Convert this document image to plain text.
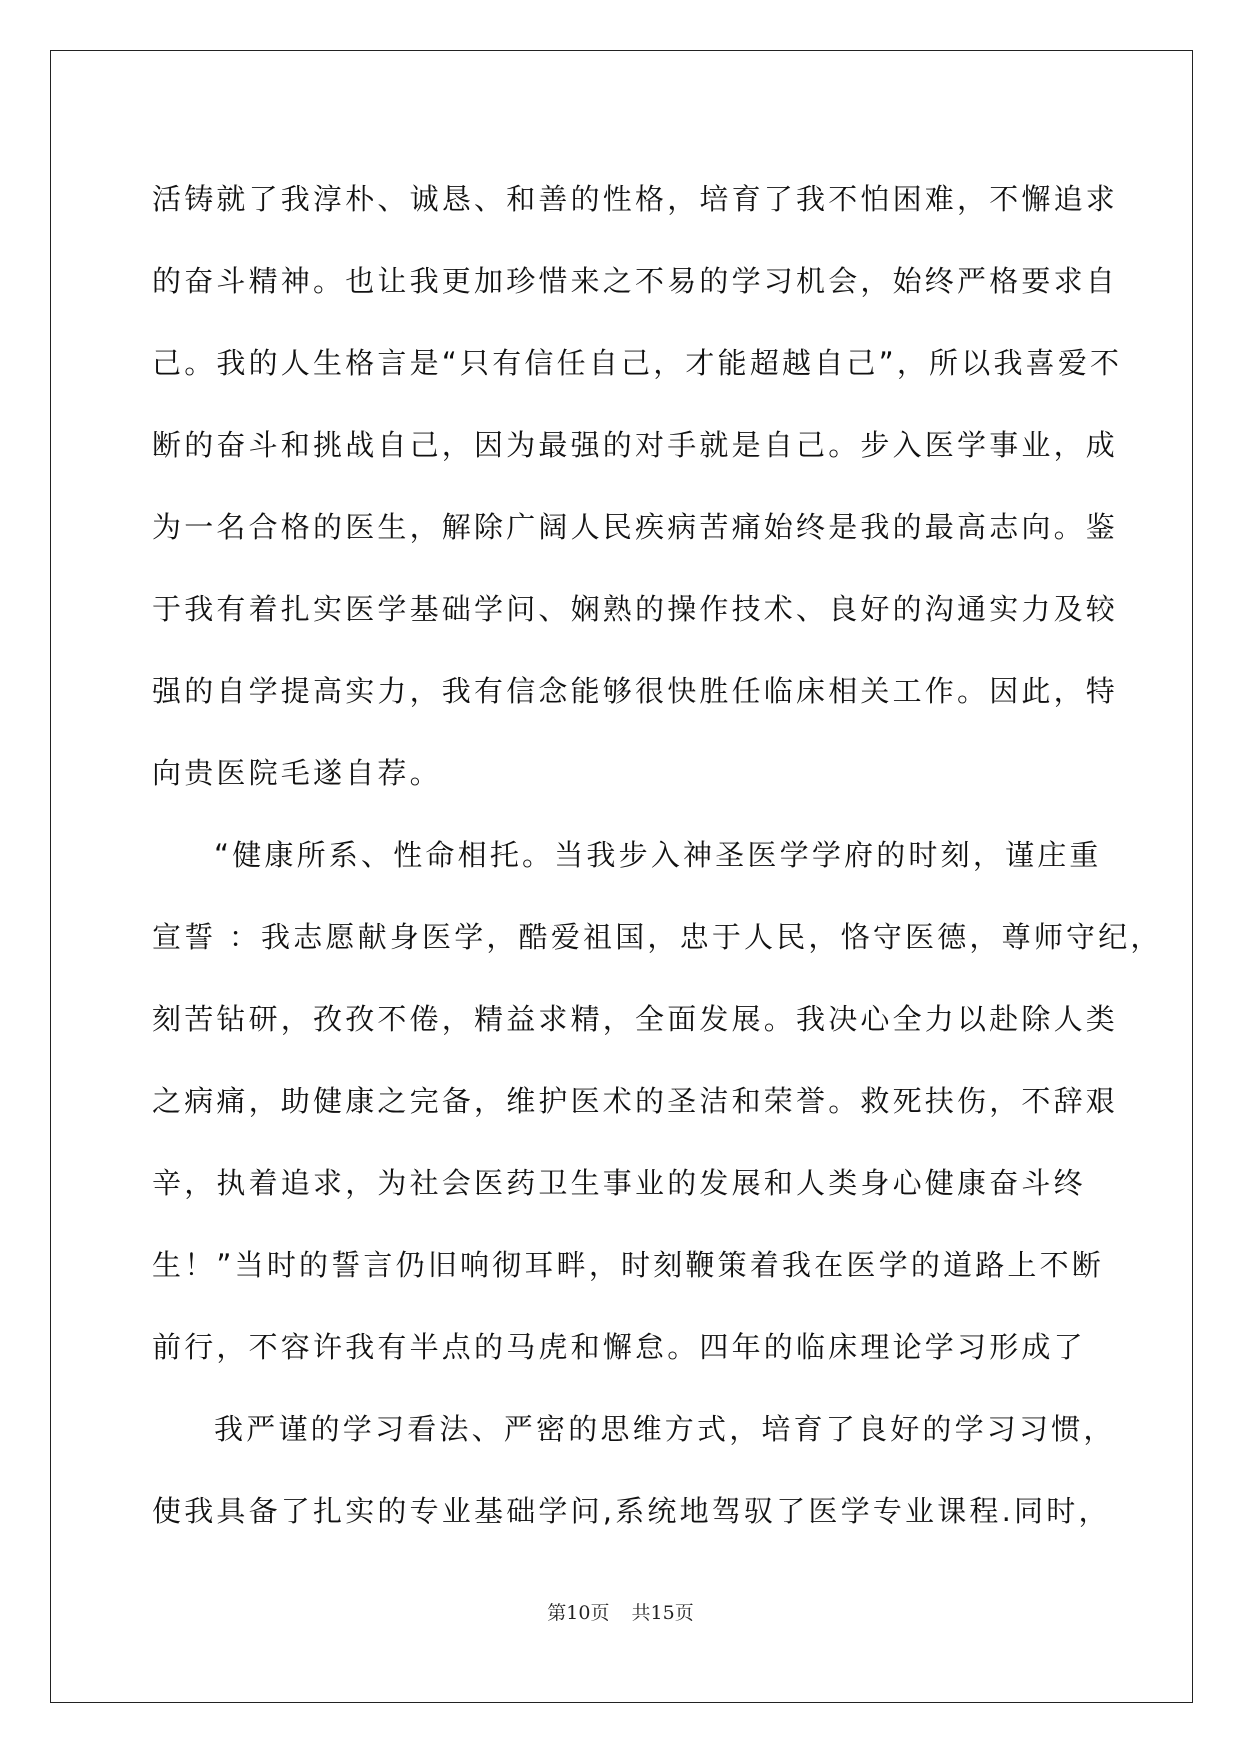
活铸就了我淳朴、诚恳、和善的性格，培育了我不怕困难，不懈追求
的奋斗精神。也让我更加珍惜来之不易的学习机会，始终严格要求自
己。我的人生格言是“只有信任自己，才能超越自己”，所以我喜爱不
断的奋斗和挑战自己，因为最强的对手就是自己。步入医学事业，成
为一名合格的医生，解除广阔人民疾病苦痛始终是我的最高志向。鉴
于我有着扎实医学基础学问、娴熟的操作技术、良好的沟通实力及较
强的自学提高实力，我有信念能够很快胜任临床相关工作。因此，特
向贵医院毛遂自荐。
“健康所系、性命相托。当我步入神圣医学学府的时刻，谨庄重
宣誓 ：我志愿献身医学，酷爱祖国，忠于人民，恪守医德，尊师守纪，
刻苦钻研，孜孜不倦，精益求精，全面发展。我决心全力以赴除人类
之病痛，助健康之完备，维护医术的圣洁和荣誉。救死扶伤，不辞艰
辛，执着追求，为社会医药卫生事业的发展和人类身心健康奋斗终
生！”当时的誓言仍旧响彻耳畔，时刻鞭策着我在医学的道路上不断
前行，不容许我有半点的马虎和懈怠。四年的临床理论学习形成了
我严谨的学习看法、严密的思维方式，培育了良好的学习习惯，
使我具备了扎实的专业基础学问,系统地驾驭了医学专业课程.同时，
第10页 共15页
